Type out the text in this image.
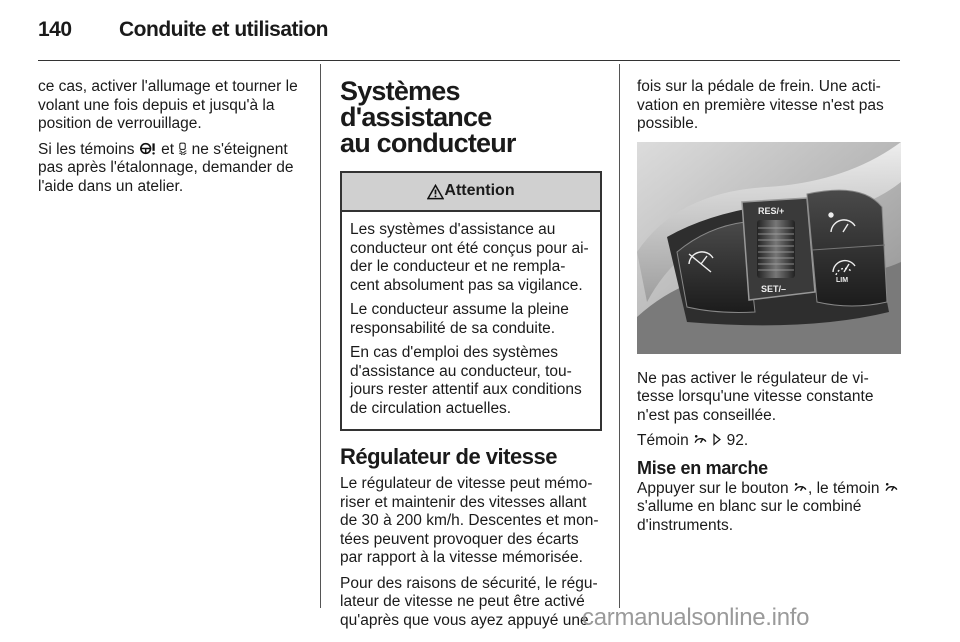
140 Conduite et utilisation

ce cas, activer l'allumage et tourner le volant une fois depuis et jusqu'à la position de verrouillage.

Si les témoins et ne s'éteignent pas après l'étalonnage, demander de l'aide dans un atelier.

Systèmes d'assistance
au conducteur
Attention

Les systèmes d'assistance au conducteur ont été conçus pour ai-der le conducteur et ne rempla-cent absolument pas sa vigilance.

Le conducteur assume la pleine responsabilité de sa conduite.

En cas d'emploi des systèmes d'assistance au conducteur, tou-jours rester attentif aux conditions de circulation actuelles.

Régulateur de vitesse

Le régulateur de vitesse peut mémo-riser et maintenir des vitesses allant de 30 à 200 km/h. Descentes et mon-tées peuvent provoquer des écarts par rapport à la vitesse mémorisée.

Pour des raisons de sécurité, le régu-lateur de vitesse ne peut être activé qu'après que vous ayez appuyé une

fois sur la pédale de frein. Une acti-vation en première vitesse n'est pas possible.

RES/+
SET/–
LIM

Ne pas activer le régulateur de vi-tesse lorsqu'une vitesse constante n'est pas conseillée.

Témoin 92.

Mise en marche

Appuyer sur le bouton , le témoin  s'allume en blanc sur le combiné d'instruments.

carmanualsonline.info
